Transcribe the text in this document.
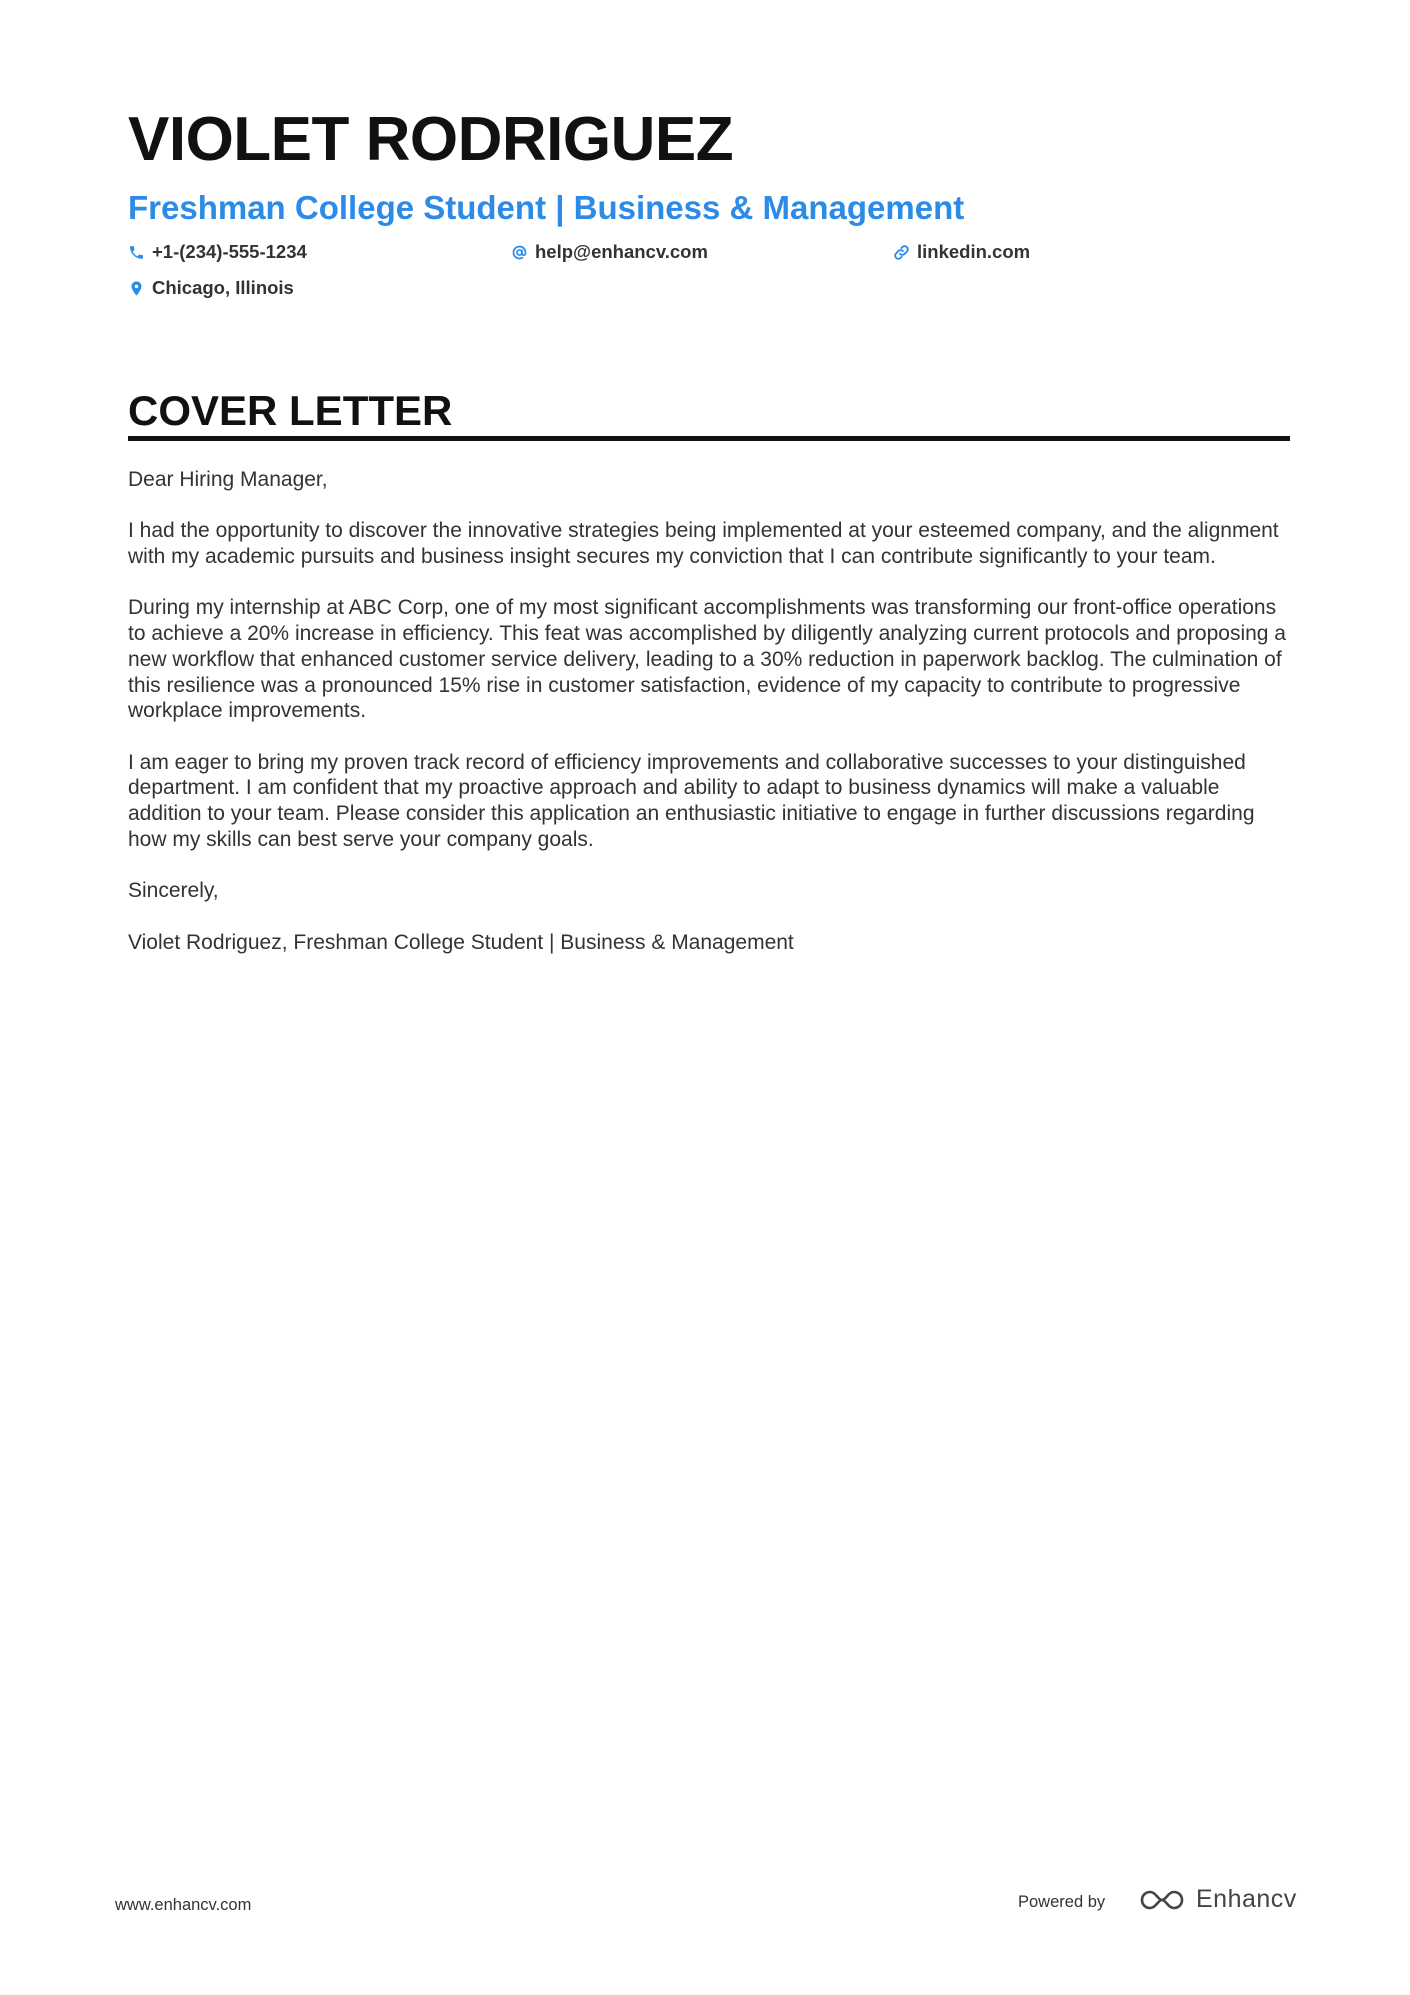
VIOLET RODRIGUEZ
Freshman College Student | Business & Management
+1-(234)-555-1234	help@enhancv.com	linkedin.com
Chicago, Illinois
COVER LETTER

Dear Hiring Manager,

I had the opportunity to discover the innovative strategies being implemented at your esteemed company, and the alignment with my academic pursuits and business insight secures my conviction that I can contribute significantly to your team.

During my internship at ABC Corp, one of my most significant accomplishments was transforming our front-office operations to achieve a 20% increase in efficiency. This feat was accomplished by diligently analyzing current protocols and proposing a new workflow that enhanced customer service delivery, leading to a 30% reduction in paperwork backlog. The culmination of this resilience was a pronounced 15% rise in customer satisfaction, evidence of my capacity to contribute to progressive workplace improvements.

I am eager to bring my proven track record of efficiency improvements and collaborative successes to your distinguished department. I am confident that my proactive approach and ability to adapt to business dynamics will make a valuable addition to your team. Please consider this application an enthusiastic initiative to engage in further discussions regarding how my skills can best serve your company goals.

Sincerely,

Violet Rodriguez, Freshman College Student | Business & Management

www.enhancv.com	Powered by	Enhancv
